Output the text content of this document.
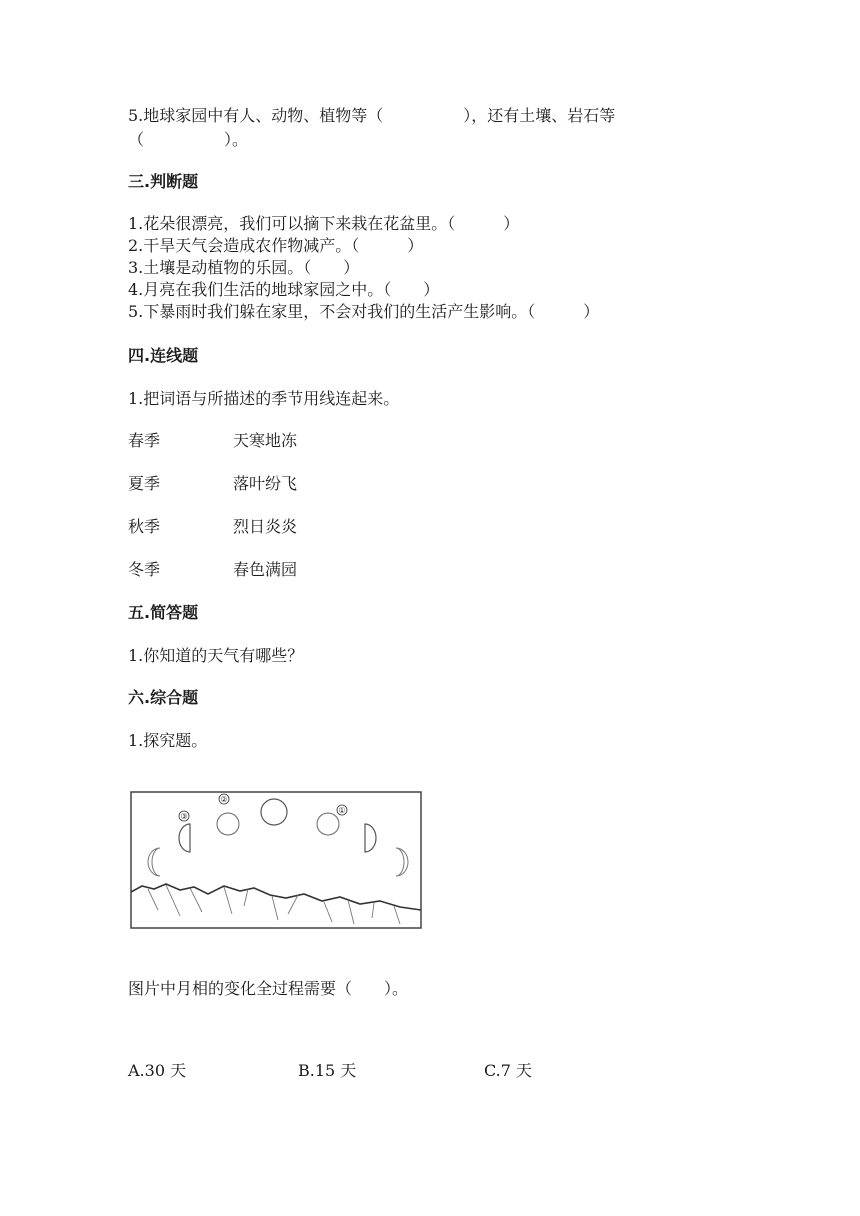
5.地球家园中有人、动物、植物等（　　　　　），还有土壤、岩石等
（　　　　　）。
三.判断题
1.花朵很漂亮，我们可以摘下来栽在花盆里。（　　　）
2.干旱天气会造成农作物减产。（　　　）
3.土壤是动植物的乐园。（　　）
4.月亮在我们生活的地球家园之中。（　　）
5.下暴雨时我们躲在家里，不会对我们的生活产生影响。（　　　）
四.连线题
1.把词语与所描述的季节用线连起来。
春季	天寒地冻
夏季	落叶纷飞
秋季	烈日炎炎
冬季	春色满园
五.简答题
1.你知道的天气有哪些？
六.综合题
1.探究题。
③
②
①
图片中月相的变化全过程需要（　　）。
A.30 天	B.15 天	C.7 天
